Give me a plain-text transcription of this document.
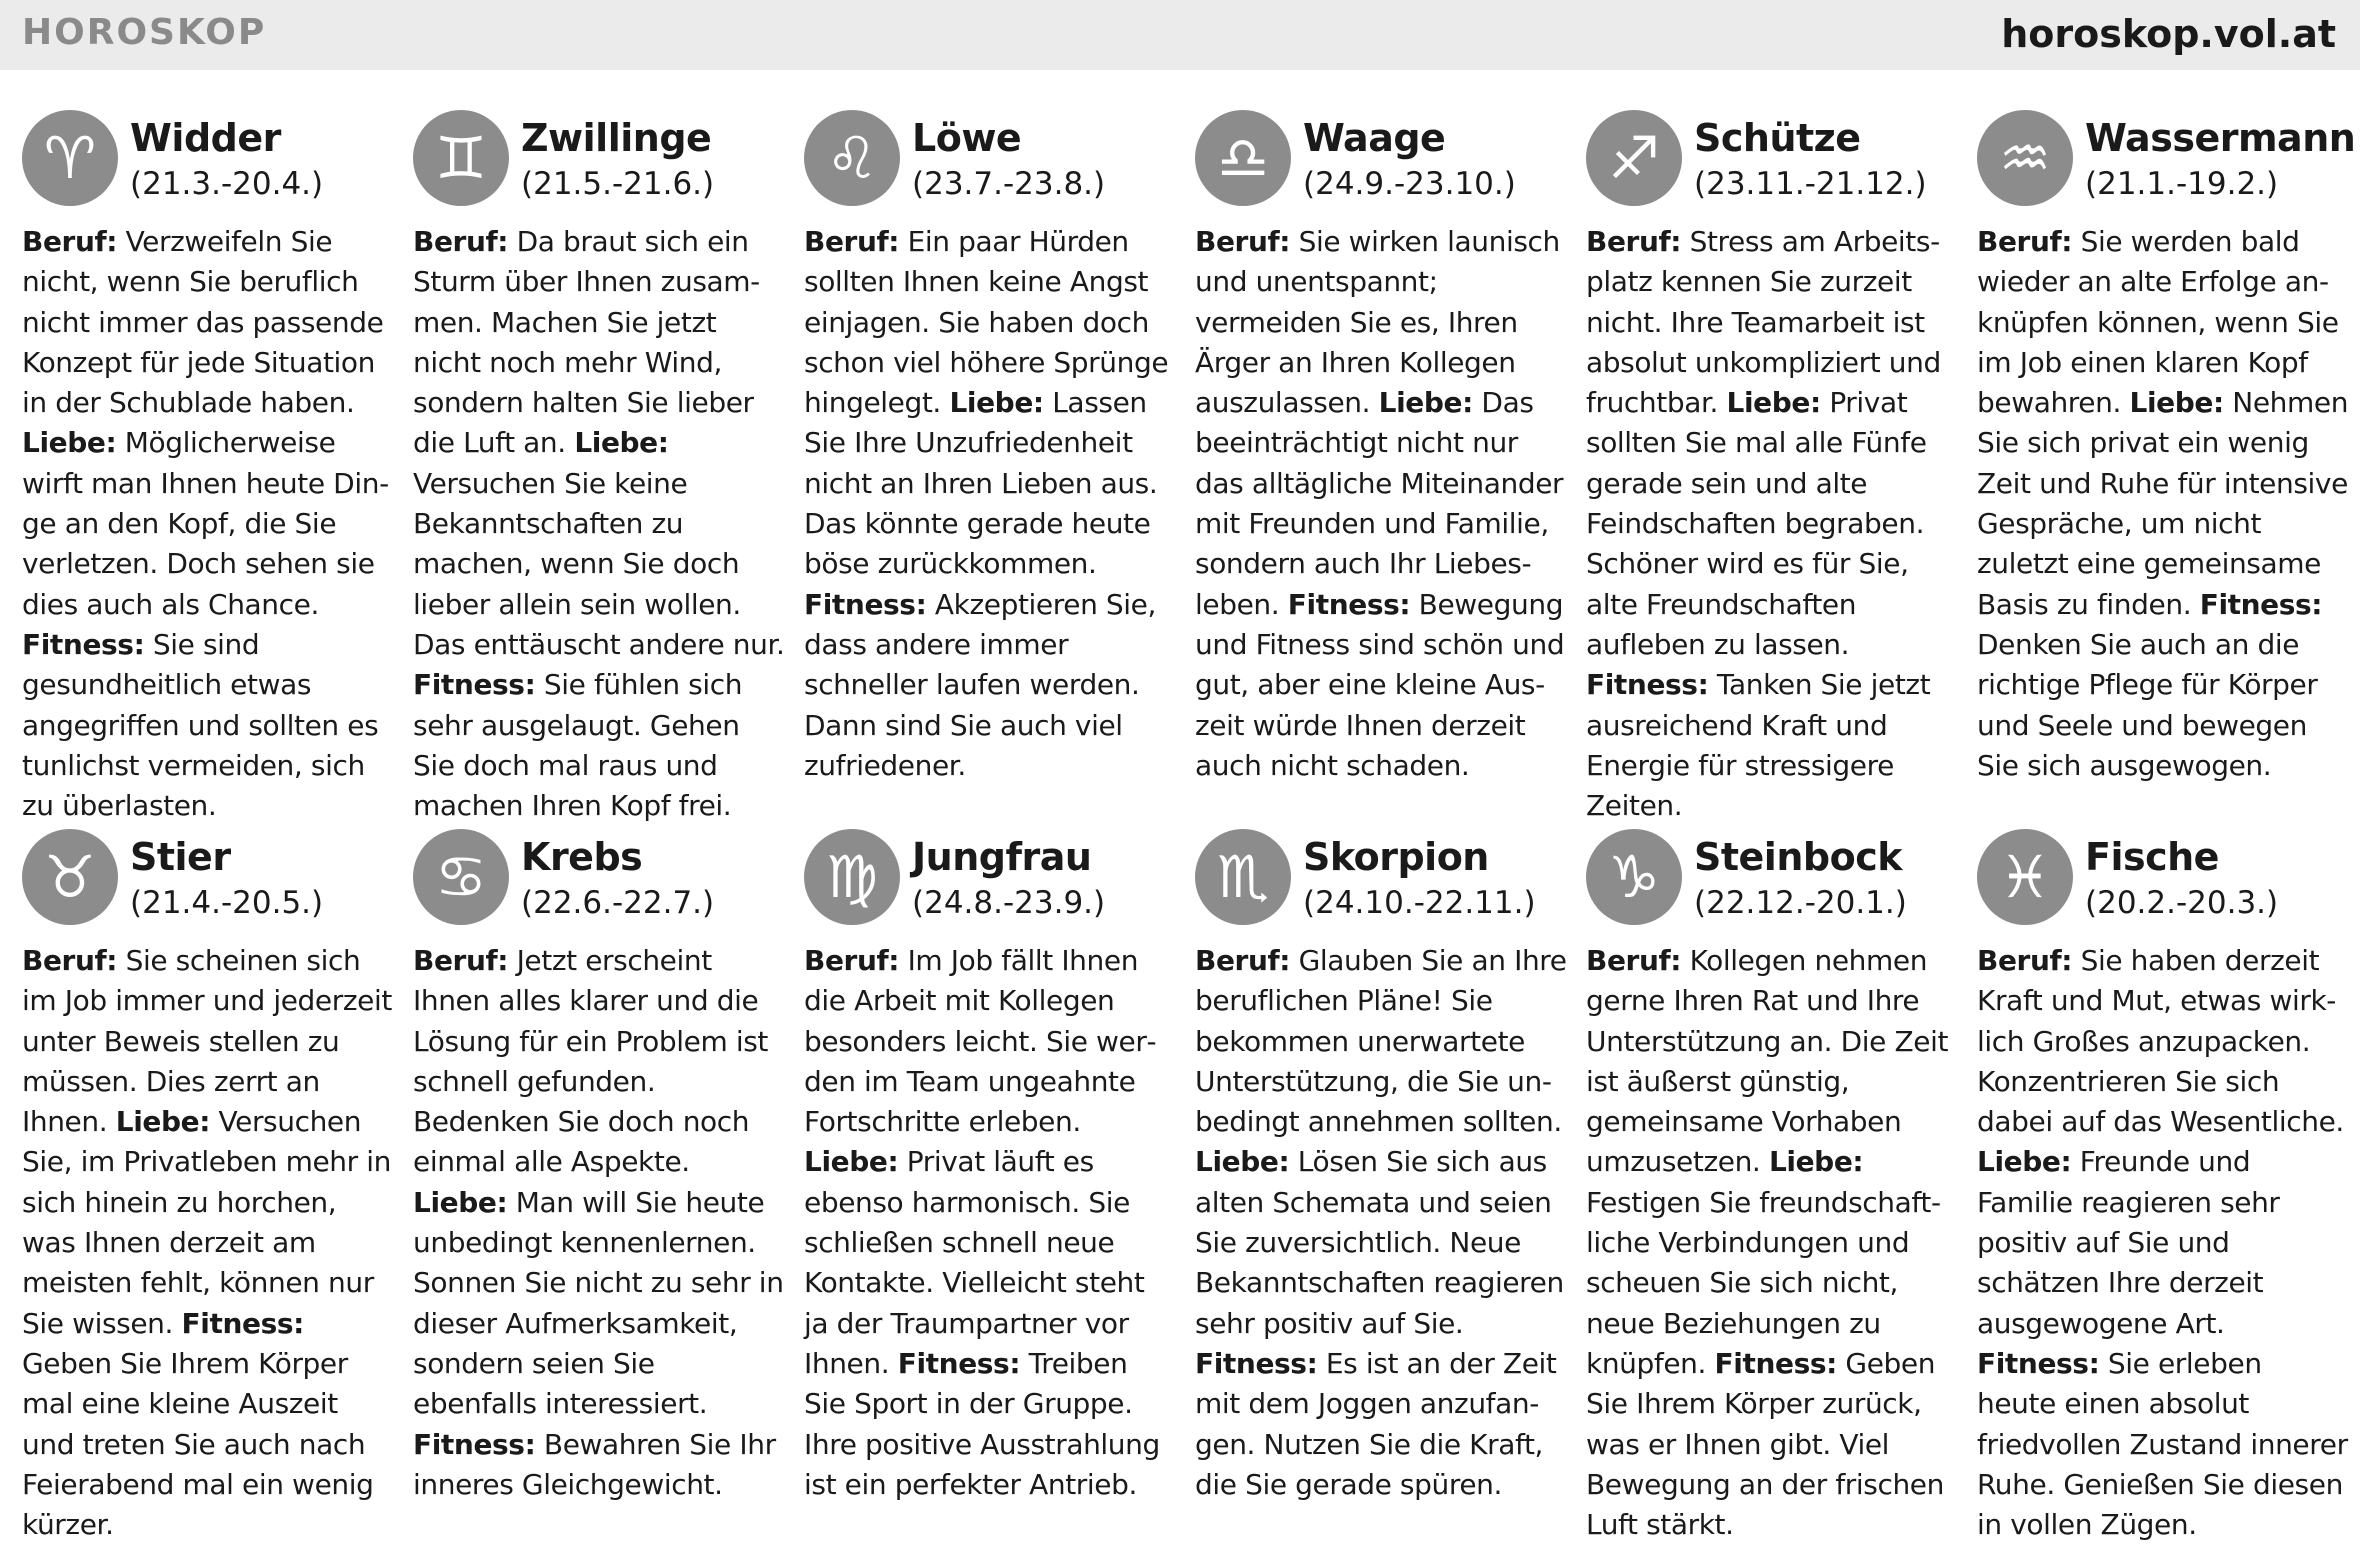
HOROSKOP	horoskop.vol.at
♈ Widder
(21.3.-20.4.)
Beruf: Verzweifeln Sie nicht, wenn Sie beruflich nicht immer das passende Konzept für jede Situation in der Schublade haben. Liebe: Möglicherweise wirft man Ihnen heute Dinge an den Kopf, die Sie verletzen. Doch sehen sie dies auch als Chance. Fitness: Sie sind gesundheitlich etwas angegriffen und sollten es tunlichst vermeiden, sich zu überlasten.
♊ Zwillinge
(21.5.-21.6.)
Beruf: Da braut sich ein Sturm über Ihnen zusammen. Machen Sie jetzt nicht noch mehr Wind, sondern halten Sie lieber die Luft an. Liebe: Versuchen Sie keine Bekanntschaften zu machen, wenn Sie doch lieber allein sein wollen. Das enttäuscht andere nur. Fitness: Sie fühlen sich sehr ausgelaugt. Gehen Sie doch mal raus und machen Ihren Kopf frei.
♌ Löwe
(23.7.-23.8.)
Beruf: Ein paar Hürden sollten Ihnen keine Angst einjagen. Sie haben doch schon viel höhere Sprünge hingelegt. Liebe: Lassen Sie Ihre Unzufriedenheit nicht an Ihren Lieben aus. Das könnte gerade heute böse zurückkommen. Fitness: Akzeptieren Sie, dass andere immer schneller laufen werden. Dann sind Sie auch viel zufriedener.
♎ Waage
(24.9.-23.10.)
Beruf: Sie wirken launisch und unentspannt; vermeiden Sie es, Ihren Ärger an Ihren Kollegen auszulassen. Liebe: Das beeinträchtigt nicht nur das alltägliche Miteinander mit Freunden und Familie, sondern auch Ihr Liebesleben. Fitness: Bewegung und Fitness sind schön und gut, aber eine kleine Auszeit würde Ihnen derzeit auch nicht schaden.
♐ Schütze
(23.11.-21.12.)
Beruf: Stress am Arbeitsplatz kennen Sie zurzeit nicht. Ihre Teamarbeit ist absolut unkompliziert und fruchtbar. Liebe: Privat sollten Sie mal alle Fünfe gerade sein und alte Feindschaften begraben. Schöner wird es für Sie, alte Freundschaften aufleben zu lassen. Fitness: Tanken Sie jetzt ausreichend Kraft und Energie für stressigere Zeiten.
♒ Wassermann
(21.1.-19.2.)
Beruf: Sie werden bald wieder an alte Erfolge anknüpfen können, wenn Sie im Job einen klaren Kopf bewahren. Liebe: Nehmen Sie sich privat ein wenig Zeit und Ruhe für intensive Gespräche, um nicht zuletzt eine gemeinsame Basis zu finden. Fitness: Denken Sie auch an die richtige Pflege für Körper und Seele und bewegen Sie sich ausgewogen.
♉ Stier
(21.4.-20.5.)
Beruf: Sie scheinen sich im Job immer und jederzeit unter Beweis stellen zu müssen. Dies zerrt an Ihnen. Liebe: Versuchen Sie, im Privatleben mehr in sich hinein zu horchen, was Ihnen derzeit am meisten fehlt, können nur Sie wissen. Fitness: Geben Sie Ihrem Körper mal eine kleine Auszeit und treten Sie auch nach Feierabend mal ein wenig kürzer.
♋ Krebs
(22.6.-22.7.)
Beruf: Jetzt erscheint Ihnen alles klarer und die Lösung für ein Problem ist schnell gefunden. Bedenken Sie doch noch einmal alle Aspekte. Liebe: Man will Sie heute unbedingt kennenlernen. Sonnen Sie nicht zu sehr in dieser Aufmerksamkeit, sondern seien Sie ebenfalls interessiert. Fitness: Bewahren Sie Ihr inneres Gleichgewicht.
♍ Jungfrau
(24.8.-23.9.)
Beruf: Im Job fällt Ihnen die Arbeit mit Kollegen besonders leicht. Sie werden im Team ungeahnte Fortschritte erleben. Liebe: Privat läuft es ebenso harmonisch. Sie schließen schnell neue Kontakte. Vielleicht steht ja der Traumpartner vor Ihnen. Fitness: Treiben Sie Sport in der Gruppe. Ihre positive Ausstrahlung ist ein perfekter Antrieb.
♏ Skorpion
(24.10.-22.11.)
Beruf: Glauben Sie an Ihre beruflichen Pläne! Sie bekommen unerwartete Unterstützung, die Sie unbedingt annehmen sollten. Liebe: Lösen Sie sich aus alten Schemata und seien Sie zuversichtlich. Neue Bekanntschaften reagieren sehr positiv auf Sie. Fitness: Es ist an der Zeit mit dem Joggen anzufangen. Nutzen Sie die Kraft, die Sie gerade spüren.
♑ Steinbock
(22.12.-20.1.)
Beruf: Kollegen nehmen gerne Ihren Rat und Ihre Unterstützung an. Die Zeit ist äußerst günstig, gemeinsame Vorhaben umzusetzen. Liebe: Festigen Sie freundschaftliche Verbindungen und scheuen Sie sich nicht, neue Beziehungen zu knüpfen. Fitness: Geben Sie Ihrem Körper zurück, was er Ihnen gibt. Viel Bewegung an der frischen Luft stärkt.
♓ Fische
(20.2.-20.3.)
Beruf: Sie haben derzeit Kraft und Mut, etwas wirklich Großes anzupacken. Konzentrieren Sie sich dabei auf das Wesentliche. Liebe: Freunde und Familie reagieren sehr positiv auf Sie und schätzen Ihre derzeit ausgewogene Art. Fitness: Sie erleben heute einen absolut friedvollen Zustand innerer Ruhe. Genießen Sie diesen in vollen Zügen.
